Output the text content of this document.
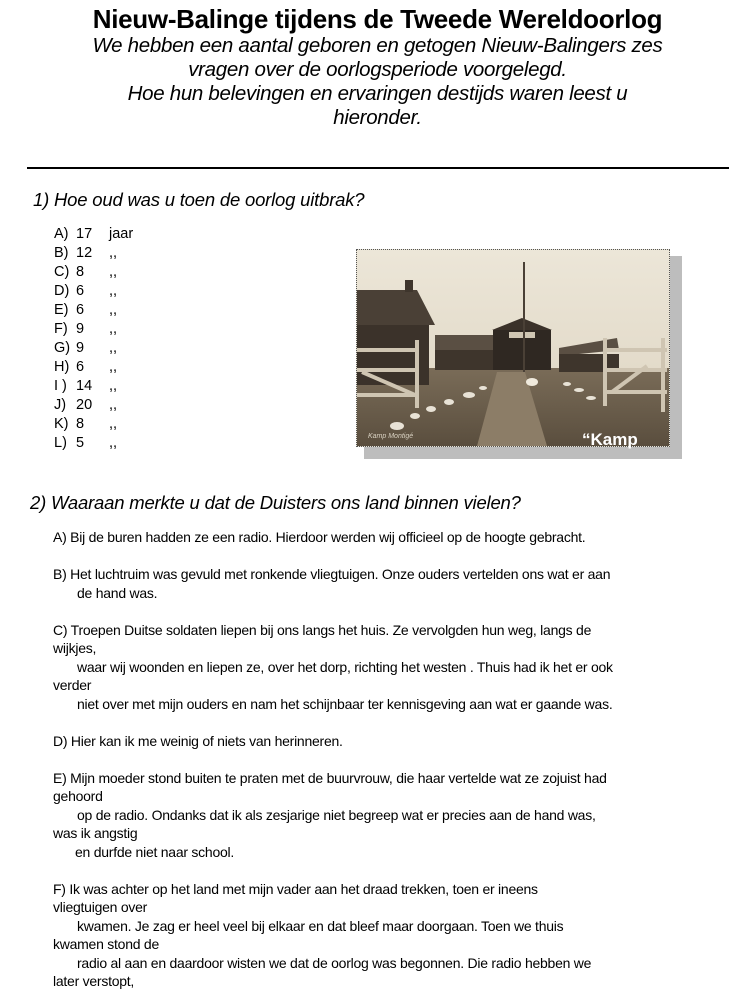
Nieuw-Balinge tijdens de Tweede Wereldoorlog
We hebben een aantal geboren en getogen Nieuw-Balingers zes
vragen over de oorlogsperiode voorgelegd.
Hoe hun belevingen en ervaringen destijds waren leest u
hieronder.
1) Hoe oud was u toen de oorlog uitbrak?
A) 17 jaar
B) 12 ,,
C) 8 ,,
D) 6 ,,
E) 6 ,,
F) 9 ,,
G) 9 ,,
H) 6 ,,
I ) 14 ,,
J) 20 ,,
K) 8 ,,
L) 5 ,,	Kamp Montigé	“Kamp
2) Waaraan merkte u dat de Duisters ons land binnen vielen?

A) Bij de buren hadden ze een radio. Hierdoor werden wij officieel op de hoogte gebracht.

B) Het luchtruim was gevuld met ronkende vliegtuigen. Onze ouders vertelden ons wat er aan

de hand was.

C) Troepen Duitse soldaten liepen bij ons langs het huis. Ze vervolgden hun weg, langs de

wijkjes,

waar wij woonden en liepen ze, over het dorp, richting het westen . Thuis had ik het er ook

verder

niet over met mijn ouders en nam het schijnbaar ter kennisgeving aan wat er gaande was.

D) Hier kan ik me weinig of niets van herinneren.

E) Mijn moeder stond buiten te praten met de buurvrouw, die haar vertelde wat ze zojuist had

gehoord

op de radio. Ondanks dat ik als zesjarige niet begreep wat er precies aan de hand was,

was ik angstig

en durfde niet naar school.

F) Ik was achter op het land met mijn vader aan het draad trekken, toen er ineens

vliegtuigen over

kwamen. Je zag er heel veel bij elkaar en dat bleef maar doorgaan. Toen we thuis

kwamen stond de

radio al aan en daardoor wisten we dat de oorlog was begonnen. Die radio hebben we

later verstopt,
